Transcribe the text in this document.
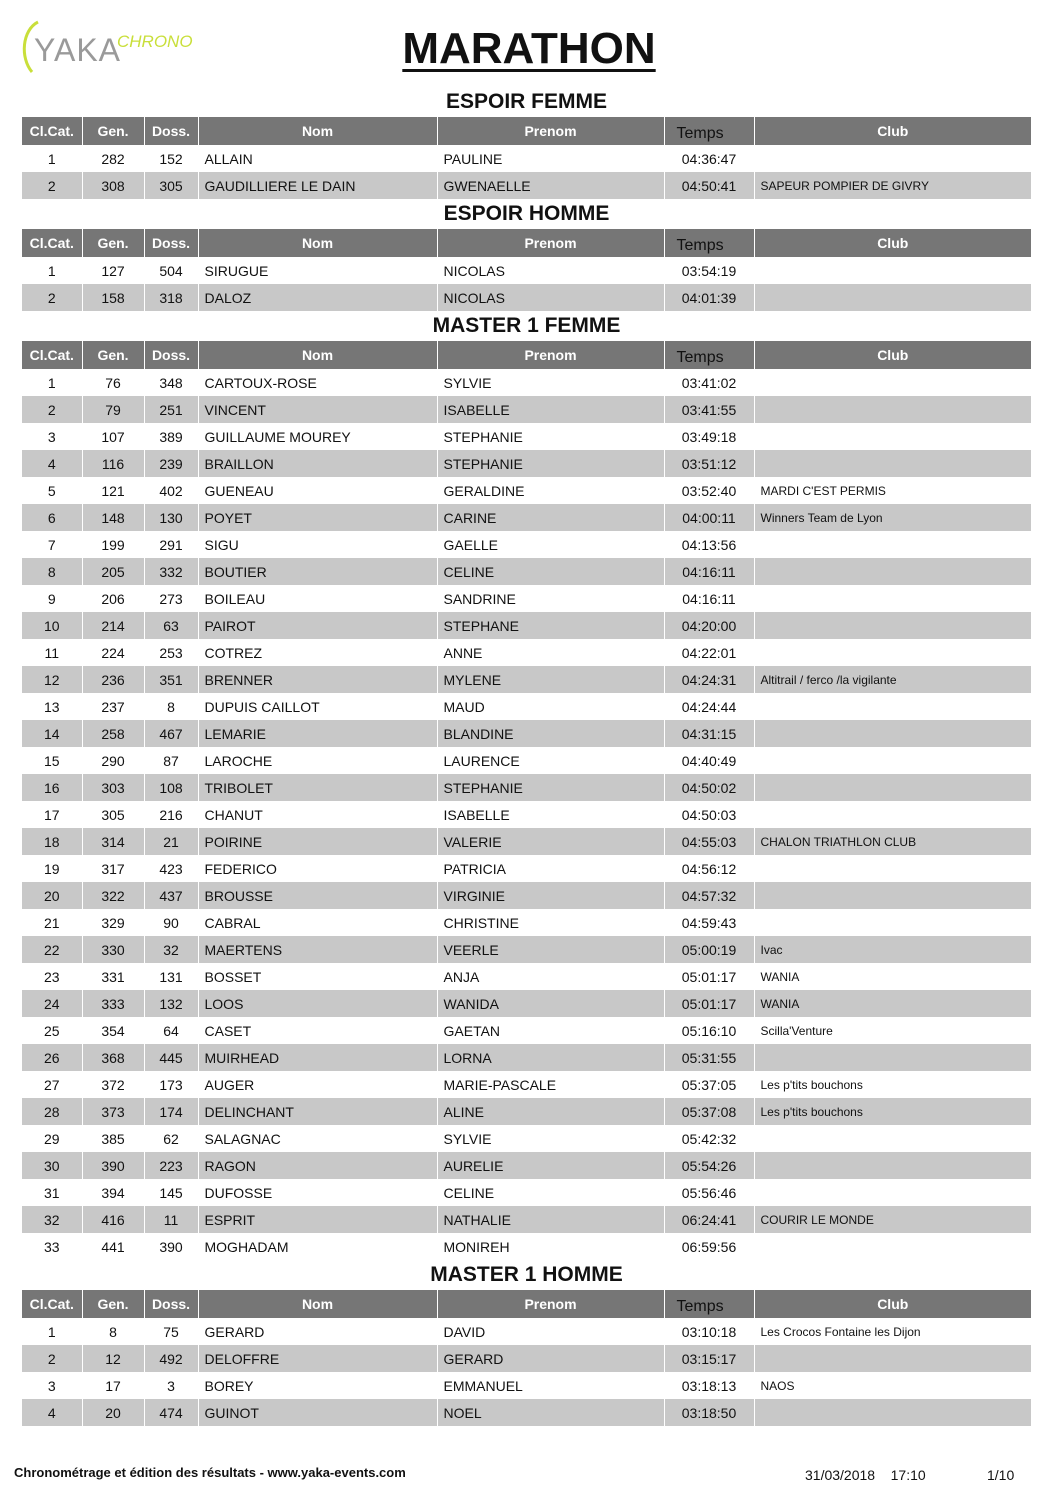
YAKA
CHRONO	MARATHON
ESPOIR FEMME
Cl.Cat.	Gen.	Doss.	Nom	Prenom	Temps	Club
1	282	152	ALLAIN	PAULINE	04:36:47	
2	308	305	GAUDILLIERE LE DAIN	GWENAELLE	04:50:41	SAPEUR POMPIER DE GIVRY
ESPOIR HOMME
Cl.Cat.	Gen.	Doss.	Nom	Prenom	Temps	Club
1	127	504	SIRUGUE	NICOLAS	03:54:19	
2	158	318	DALOZ	NICOLAS	04:01:39	
MASTER 1 FEMME
Cl.Cat.	Gen.	Doss.	Nom	Prenom	Temps	Club
1	76	348	CARTOUX-ROSE	SYLVIE	03:41:02	
2	79	251	VINCENT	ISABELLE	03:41:55	
3	107	389	GUILLAUME MOUREY	STEPHANIE	03:49:18	
4	116	239	BRAILLON	STEPHANIE	03:51:12	
5	121	402	GUENEAU	GERALDINE	03:52:40	MARDI C'EST PERMIS
6	148	130	POYET	CARINE	04:00:11	Winners Team de Lyon
7	199	291	SIGU	GAELLE	04:13:56	
8	205	332	BOUTIER	CELINE	04:16:11	
9	206	273	BOILEAU	SANDRINE	04:16:11	
10	214	63	PAIROT	STEPHANE	04:20:00	
11	224	253	COTREZ	ANNE	04:22:01	
12	236	351	BRENNER	MYLENE	04:24:31	Altitrail / ferco /la vigilante
13	237	8	DUPUIS CAILLOT	MAUD	04:24:44	
14	258	467	LEMARIE	BLANDINE	04:31:15	
15	290	87	LAROCHE	LAURENCE	04:40:49	
16	303	108	TRIBOLET	STEPHANIE	04:50:02	
17	305	216	CHANUT	ISABELLE	04:50:03	
18	314	21	POIRINE	VALERIE	04:55:03	CHALON TRIATHLON CLUB
19	317	423	FEDERICO	PATRICIA	04:56:12	
20	322	437	BROUSSE	VIRGINIE	04:57:32	
21	329	90	CABRAL	CHRISTINE	04:59:43	
22	330	32	MAERTENS	VEERLE	05:00:19	Ivac
23	331	131	BOSSET	ANJA	05:01:17	WANIA
24	333	132	LOOS	WANIDA	05:01:17	WANIA
25	354	64	CASET	GAETAN	05:16:10	Scilla'Venture
26	368	445	MUIRHEAD	LORNA	05:31:55	
27	372	173	AUGER	MARIE-PASCALE	05:37:05	Les p'tits bouchons
28	373	174	DELINCHANT	ALINE	05:37:08	Les p'tits bouchons
29	385	62	SALAGNAC	SYLVIE	05:42:32	
30	390	223	RAGON	AURELIE	05:54:26	
31	394	145	DUFOSSE	CELINE	05:56:46	
32	416	11	ESPRIT	NATHALIE	06:24:41	COURIR LE MONDE
33	441	390	MOGHADAM	MONIREH	06:59:56	
MASTER 1 HOMME
Cl.Cat.	Gen.	Doss.	Nom	Prenom	Temps	Club
1	8	75	GERARD	DAVID	03:10:18	Les Crocos Fontaine les Dijon
2	12	492	DELOFFRE	GERARD	03:15:17	
3	17	3	BOREY	EMMANUEL	03:18:13	NAOS
4	20	474	GUINOT	NOEL	03:18:50	
Chronométrage et édition des résultats - www.yaka-events.com	31/03/2018 17:10	1/10
